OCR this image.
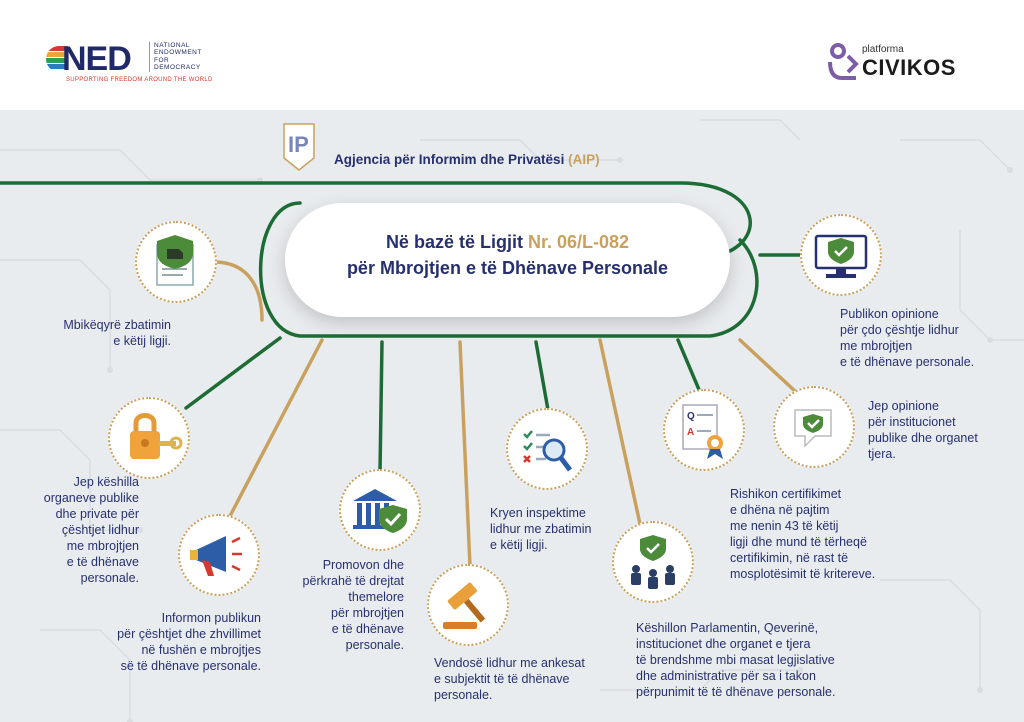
NED	NATIONAL
ENDOWMENT
FOR
DEMOCRACY
SUPPORTING FREEDOM AROUND THE WORLD
platforma
CIVIKOS
IP
Agjencia për Informim dhe Privatësi (AIP)
Në bazë të Ligjit Nr. 06/L-082
për Mbrojtjen e të Dhënave Personale
Q
A
Mbikëqyrë zbatimin
e këtij ligji.
Jep këshilla
organeve publike
dhe private për
çështjet lidhur
me mbrojtjen
e të dhënave
personale.
Informon publikun
për çështjet dhe zhvillimet
në fushën e mbrojtjes
së të dhënave personale.
Promovon dhe
përkrahë të drejtat
themelore
për mbrojtjen
e të dhënave
personale.
Vendosë lidhur me ankesat
e subjektit të të dhënave
personale.
Kryen inspektime
lidhur me zbatimin
e këtij ligji.
Rishikon certifikimet
e dhëna në pajtim
me nenin 43 të këtij
ligji dhe mund të tërheqë
certifikimin, në rast të
mosplotësimit të kritereve.
Këshillon Parlamentin, Qeverinë,
institucionet dhe organet e tjera
të brendshme mbi masat legjislative
dhe administrative për sa i takon
përpunimit të të dhënave personale.
Jep opinione
për institucionet
publike dhe organet
tjera.
Publikon opinione
për çdo çështje lidhur
me mbrojtjen
e të dhënave personale.
